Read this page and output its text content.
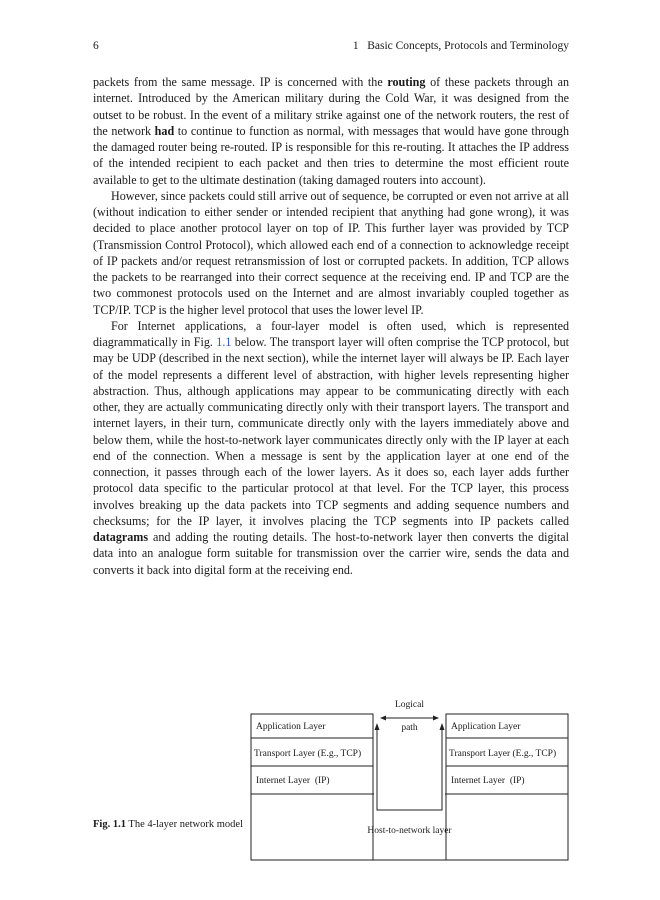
6	1   Basic Concepts, Protocols and Terminology

packets from the same message. IP is concerned with the routing of these packets through an internet. Introduced by the American military during the Cold War, it was designed from the outset to be robust. In the event of a military strike against one of the network routers, the rest of the network had to continue to function as normal, with messages that would have gone through the damaged router being re-routed. IP is responsible for this re-routing. It attaches the IP address of the intended recipient to each packet and then tries to determine the most efficient route available to get to the ultimate destination (taking damaged routers into account).

However, since packets could still arrive out of sequence, be corrupted or even not arrive at all (without indication to either sender or intended recipient that anything had gone wrong), it was decided to place another protocol layer on top of IP. This further layer was provided by TCP (Transmission Control Protocol), which allowed each end of a connection to acknowledge receipt of IP packets and/or request retransmission of lost or corrupted packets. In addition, TCP allows the packets to be rearranged into their correct sequence at the receiving end. IP and TCP are the two commonest protocols used on the Internet and are almost invariably coupled together as TCP/IP. TCP is the higher level protocol that uses the lower level IP.

For Internet applications, a four-layer model is often used, which is represented diagrammatically in Fig. 1.1 below. The transport layer will often comprise the TCP protocol, but may be UDP (described in the next section), while the internet layer will always be IP. Each layer of the model represents a different level of abstraction, with higher levels representing higher abstraction. Thus, although applications may appear to be communicating directly with each other, they are actually communicating directly only with their transport layers. The transport and internet layers, in their turn, communicate directly only with the layers immediately above and below them, while the host-to-network layer communicates directly only with the IP layer at each end of the connection. When a message is sent by the application layer at one end of the connection, it passes through each of the lower layers. As it does so, each layer adds further protocol data specific to the particular protocol at that level. For the TCP layer, this process involves breaking up the data packets into TCP segments and adding sequence numbers and checksums; for the IP layer, it involves placing the TCP segments into IP packets called datagrams and adding the routing details. The host-to-network layer then converts the digital data into an analogue form suitable for transmission over the carrier wire, sends the data and converts it back into digital form at the receiving end.

Fig. 1.1 The 4-layer network model
Logical
path
Application Layer
Transport Layer (E.g., TCP)
Internet Layer  (IP)
Application Layer
Transport Layer (E.g., TCP)
Internet Layer  (IP)
Host-to-network layer
